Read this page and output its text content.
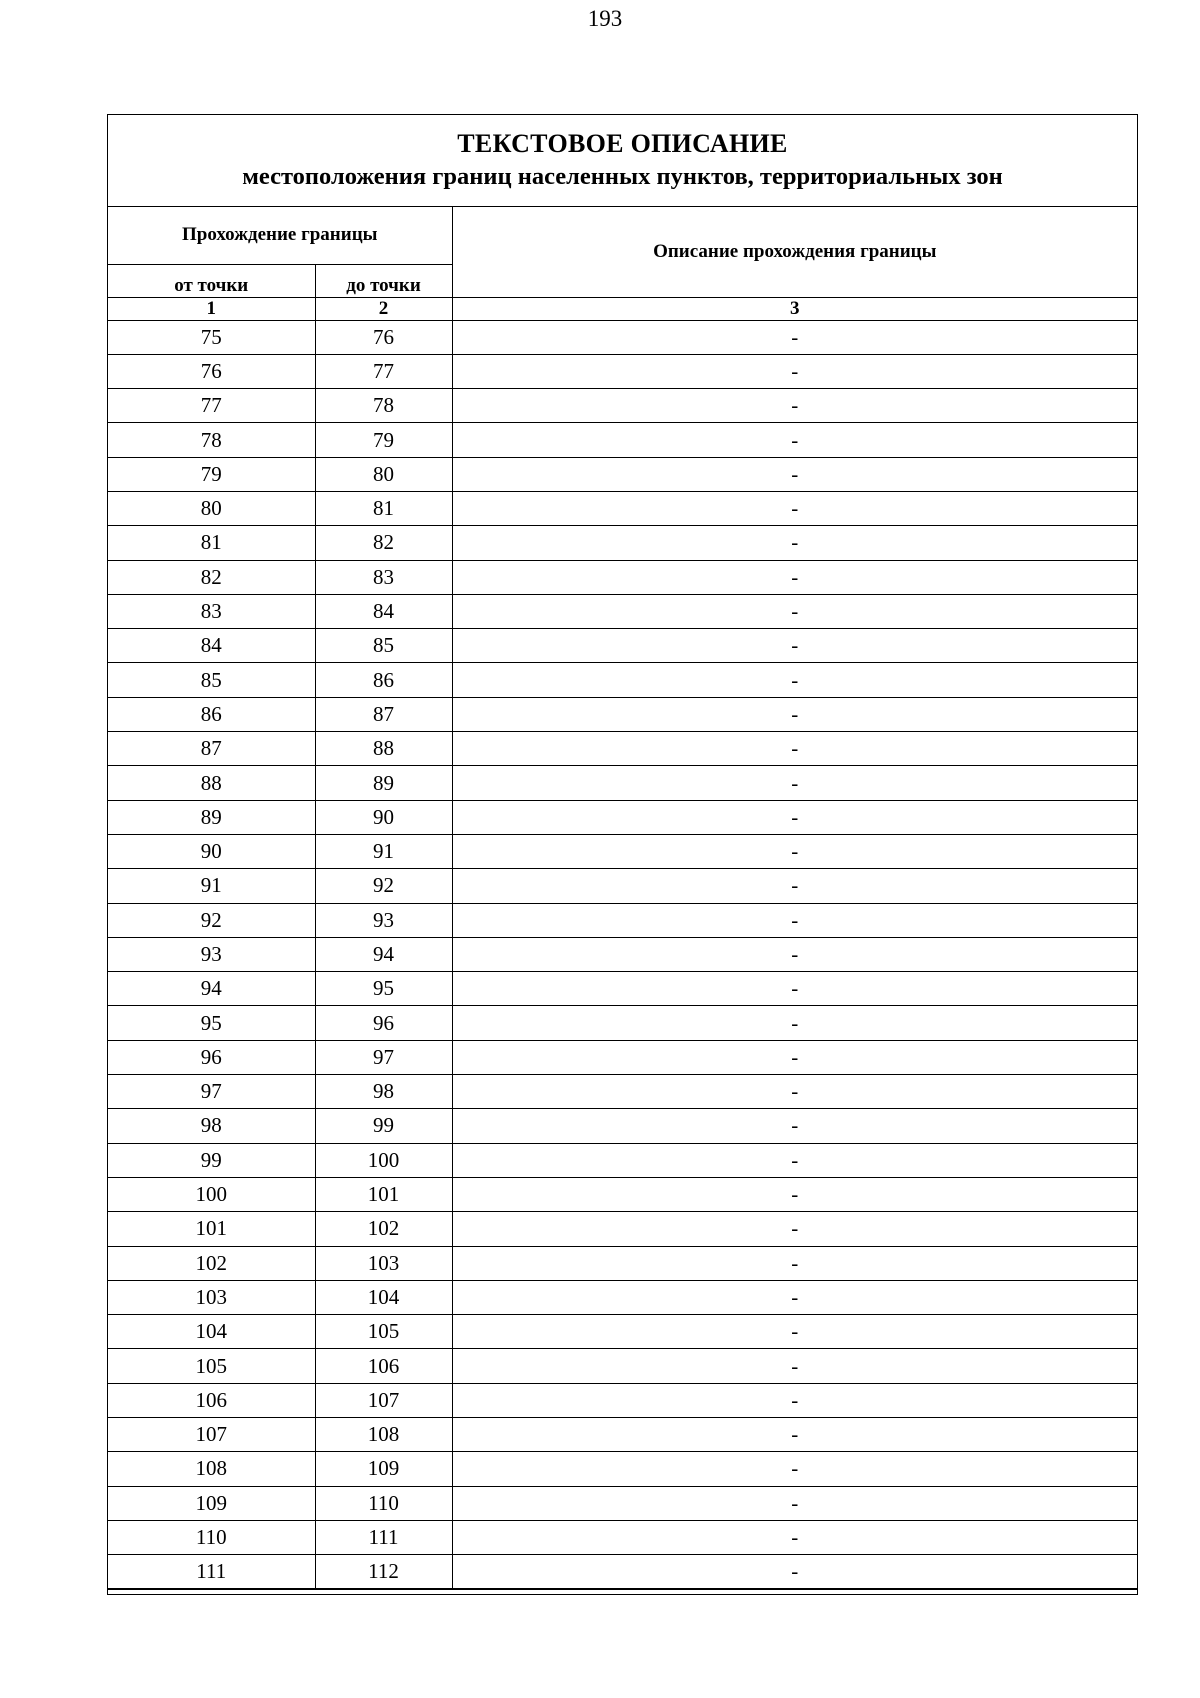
193
ТЕКСТОВОЕ ОПИСАНИЕ
местоположения границ населенных пунктов, территориальных зон
Прохождение границы		Описание прохождения границы
от точки	до точки	
1	2	3
75	76	-
76	77	-
77	78	-
78	79	-
79	80	-
80	81	-
81	82	-
82	83	-
83	84	-
84	85	-
85	86	-
86	87	-
87	88	-
88	89	-
89	90	-
90	91	-
91	92	-
92	93	-
93	94	-
94	95	-
95	96	-
96	97	-
97	98	-
98	99	-
99	100	-
100	101	-
101	102	-
102	103	-
103	104	-
104	105	-
105	106	-
106	107	-
107	108	-
108	109	-
109	110	-
110	111	-
111	112	-
